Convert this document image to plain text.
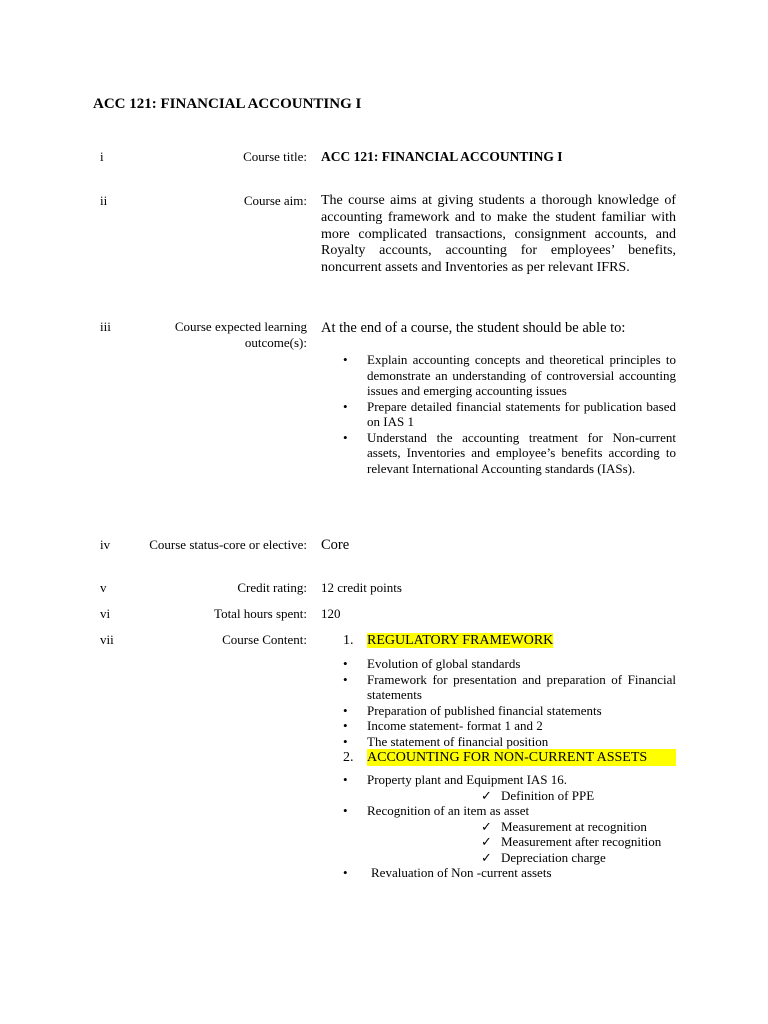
ACC 121: FINANCIAL ACCOUNTING I
i	Course title: ACC 121: FINANCIAL ACCOUNTING I
ii	Course aim: The course aims at giving students a thorough knowledge of accounting framework and to make the student familiar with more complicated transactions, consignment accounts, and Royalty accounts, accounting for employees’ benefits, noncurrent assets and Inventories as per relevant IFRS.
iii	Course expected learning outcome(s):
At the end of a course, the student should be able to:
• Explain accounting concepts and theoretical principles to demonstrate an understanding of controversial accounting issues and emerging accounting issues
• Prepare detailed financial statements for publication based on IAS 1
• Understand the accounting treatment for Non-current assets, Inventories and employee’s benefits according to relevant International Accounting standards (IASs).
iv	Course status-core or elective: Core
v	Credit rating: 12 credit points
vi	Total hours spent: 120
vii	Course Content:	1. REGULATORY FRAMEWORK
• Evolution of global standards
• Framework for presentation and preparation of Financial statements
• Preparation of published financial statements
• Income statement- format 1 and 2
• The statement of financial position
2. ACCOUNTING FOR NON-CURRENT ASSETS
• Property plant and Equipment IAS 16.
✓ Definition of PPE
• Recognition of an item as asset
✓ Measurement at recognition
✓ Measurement after recognition
✓ Depreciation charge
• Revaluation of Non -current assets
